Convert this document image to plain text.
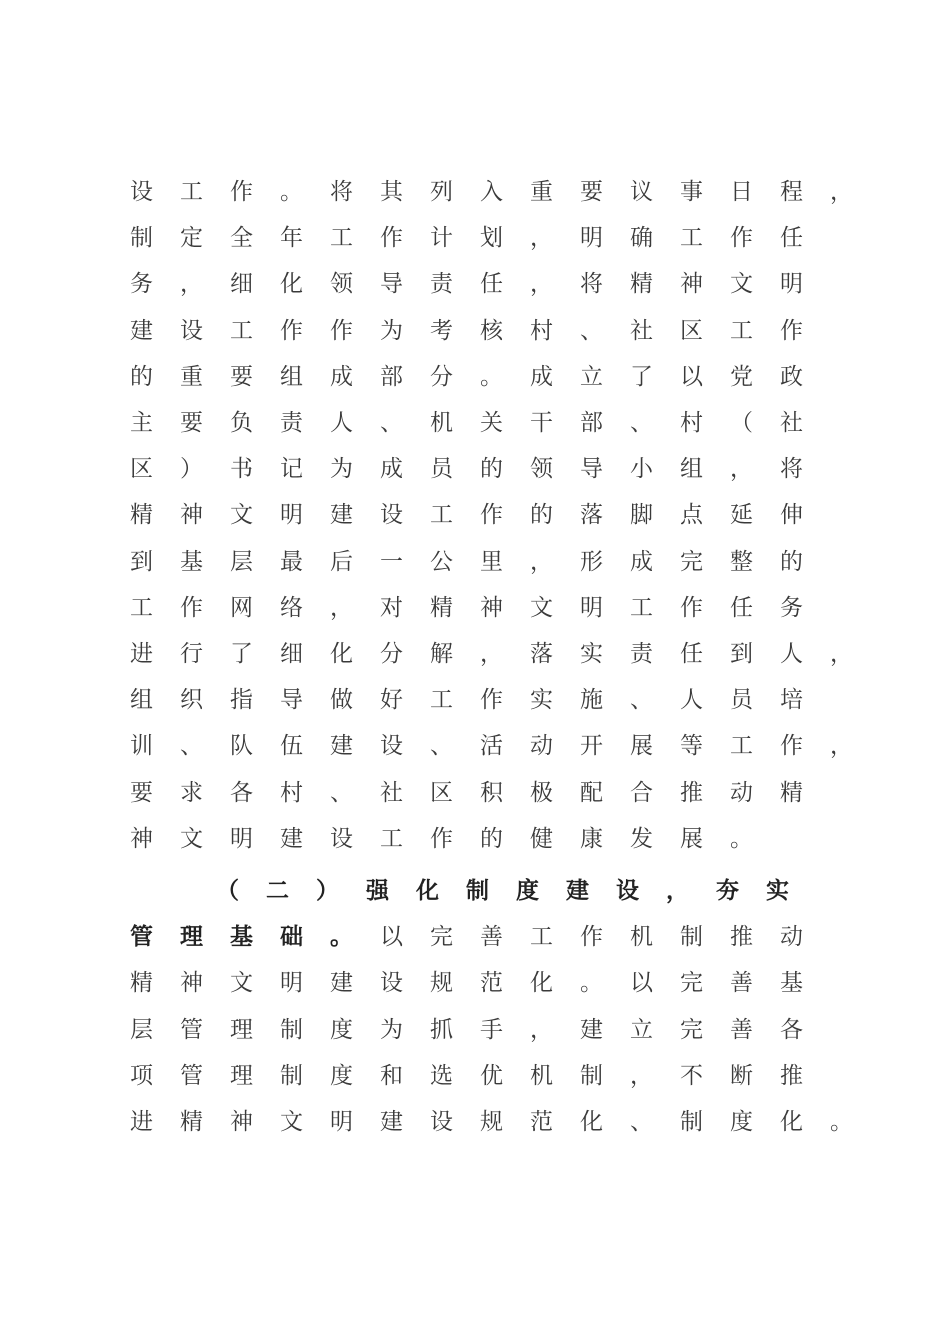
设	工	作	。	将	其	列	入	重	要	议	事	日	程	，
制	定	全	年	工	作	计	划	，	明	确	工	作	任
务	，	细	化	领	导	责	任	，	将	精	神	文	明
建	设	工	作	作	为	考	核	村	、	社	区	工	作
的	重	要	组	成	部	分	。	成	立	了	以	党	政
主	要	负	责	人	、	机	关	干	部	、	村	（	社
区	）	书	记	为	成	员	的	领	导	小	组	，	将
精	神	文	明	建	设	工	作	的	落	脚	点	延	伸
到	基	层	最	后	一	公	里	，	形	成	完	整	的
工	作	网	络	，	对	精	神	文	明	工	作	任	务
进	行	了	细	化	分	解	，	落	实	责	任	到	人	，
组	织	指	导	做	好	工	作	实	施	、	人	员	培
训	、	队	伍	建	设	、	活	动	开	展	等	工	作	，
要	求	各	村	、	社	区	积	极	配	合	推	动	精
神	文	明	建	设	工	作	的	健	康	发	展	。
（	二	）	强	化	制	度	建	设	，	夯	实
管	理	基	础	。	以	完	善	工	作	机	制	推	动
精	神	文	明	建	设	规	范	化	。	以	完	善	基
层	管	理	制	度	为	抓	手	，	建	立	完	善	各
项	管	理	制	度	和	选	优	机	制	，	不	断	推
进	精	神	文	明	建	设	规	范	化	、	制	度	化	。
